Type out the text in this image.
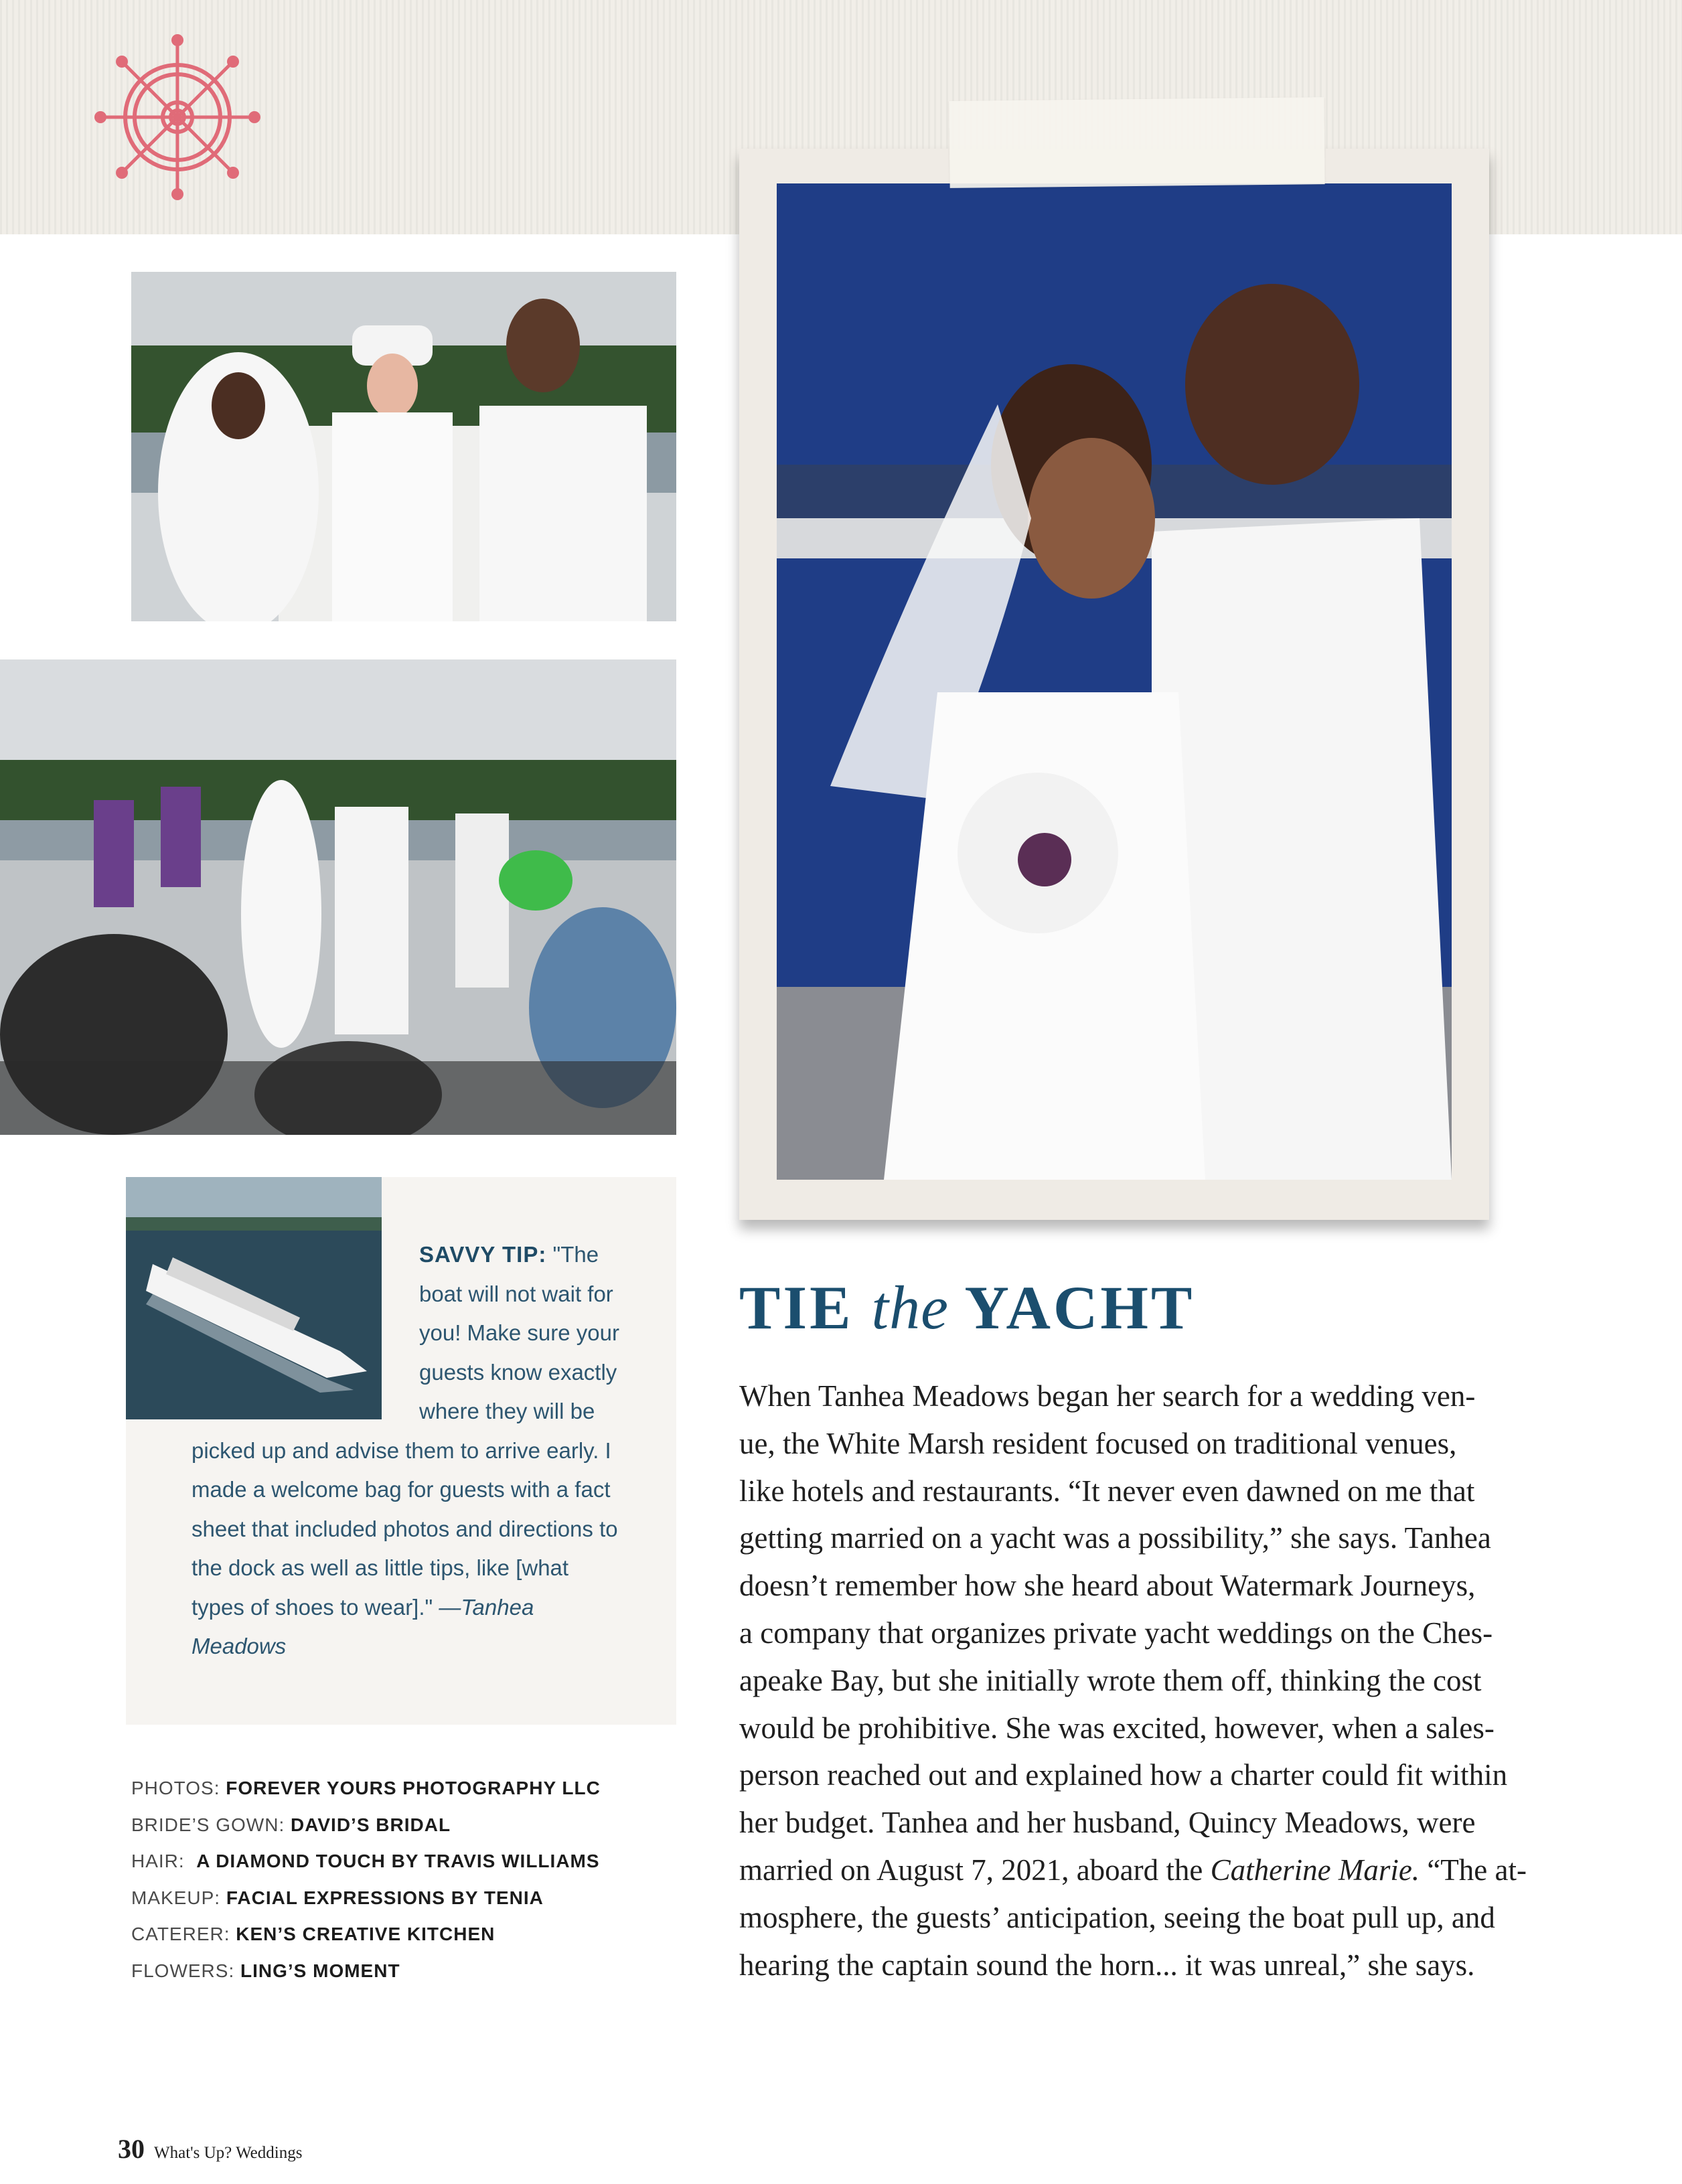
SAVVY TIP: "The boat will not wait for you! Make sure your guests know exactly where they will be picked up and advise them to arrive early. I made a welcome bag for guests with a fact sheet that included photos and directions to the dock as well as little tips, like [what types of shoes to wear]." —Tanhea Meadows
PHOTOS: FOREVER YOURS PHOTOGRAPHY LLC
BRIDE’S GOWN: DAVID’S BRIDAL
HAIR: A DIAMOND TOUCH BY TRAVIS WILLIAMS
MAKEUP: FACIAL EXPRESSIONS BY TENIA
CATERER: KEN’S CREATIVE KITCHEN
FLOWERS: LING’S MOMENT
TIE the YACHT
When Tanhea Meadows began her search for a wedding ven-
ue, the White Marsh resident focused on traditional venues,
like hotels and restaurants. “It never even dawned on me that
getting married on a yacht was a possibility,” she says. Tanhea
doesn’t remember how she heard about Watermark Journeys,
a company that organizes private yacht weddings on the Ches-
apeake Bay, but she initially wrote them off, thinking the cost
would be prohibitive. She was excited, however, when a sales-
person reached out and explained how a charter could fit within
her budget. Tanhea and her husband, Quincy Meadows, were
married on August 7, 2021, aboard the Catherine Marie. “The at-
mosphere, the guests’ anticipation, seeing the boat pull up, and
hearing the captain sound the horn... it was unreal,” she says.
30 What's Up? Weddings
